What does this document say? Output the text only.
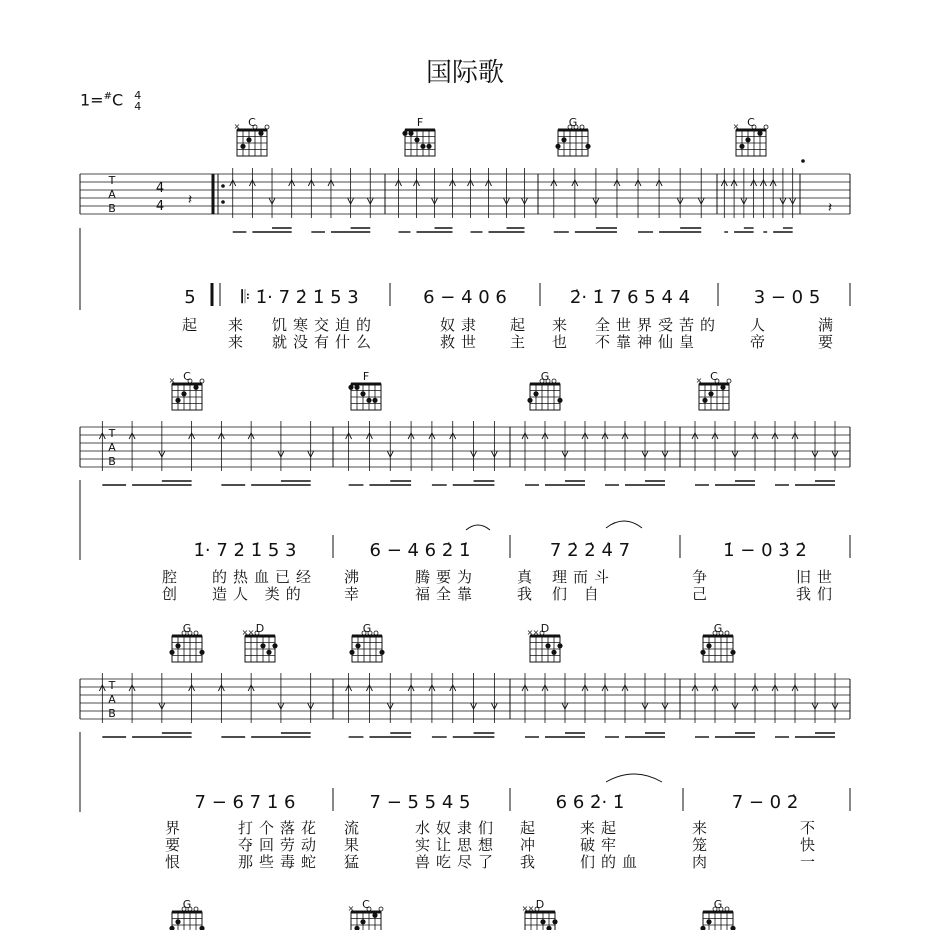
国际歌
1=#C 4
4
C
×	F	G	C
×
T
A
B
4
4 𝄽	𝄽
5	𝄆 1̇· 7 2̇ 1̇ 5 3	6 − 4 0 6	2̇· 1̇ 7 6 5 4 4	3 − 0 5
起 来 饥寒交迫的	奴 隶 起 来 全世界受苦的 人	满
来 就没有什么	救 世 主 也 不靠神仙皇	帝	要
C
×	F	G	C
×
T
A
B
1̇· 7 2̇ 1̇ 5 3	6 − 4 6 2̇ 1̇	7 2̇ 2̇ 4̇ 7	1̇ − 0 3̇ 2̇
腔 的热血已经 沸	腾要为	真 理而斗	争	旧世
创 造人 类的 幸	福全靠	我 们 自	己	我们
G	D
× ×	G	D
× ×	G
T
A
B
7 − 6 7 1̇ 6	7 − 5 5 4 5	6 6 2̇· 1̇	7 − 0 2̇
界	打个落花 流	水奴隶们 起	来起	来	不
要	夺回劳动 果	实让思想 冲	破牢	笼	快
恨	那些毒蛇 猛	兽吃尽了 我	们的血	肉	一
G	C
×	D
× ×	G
